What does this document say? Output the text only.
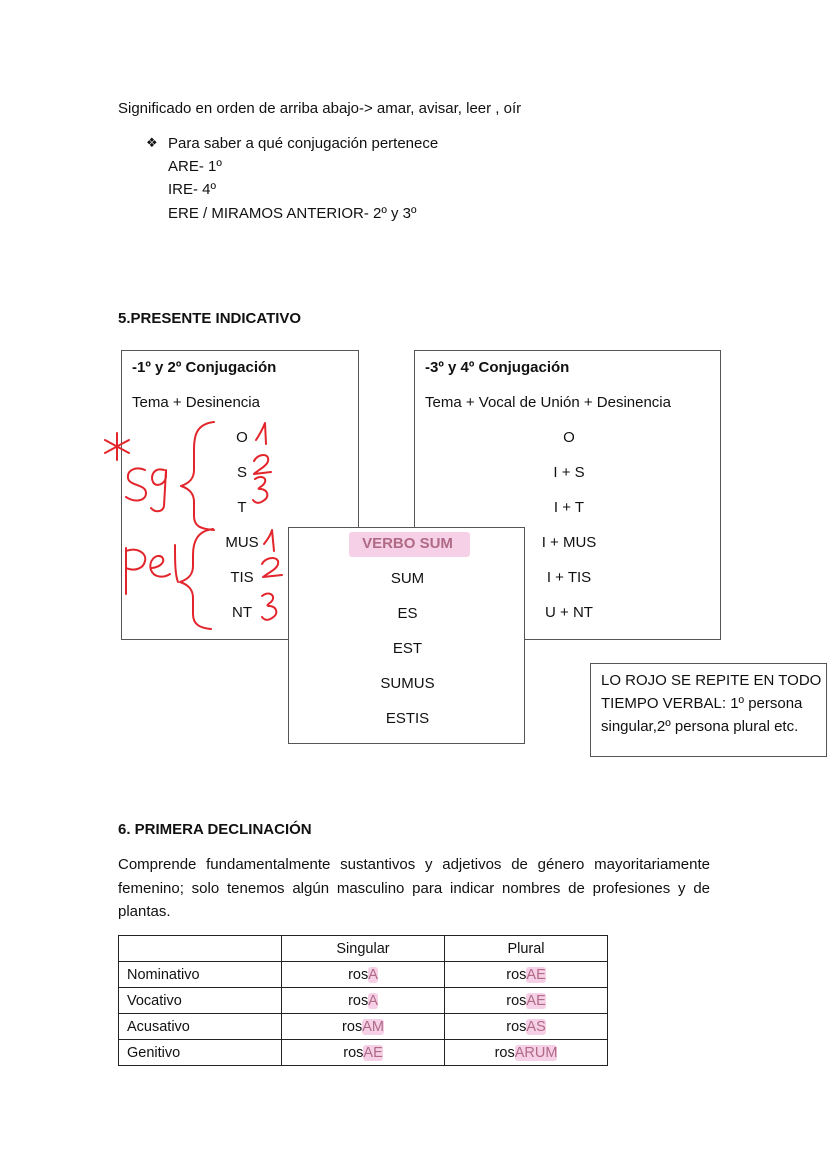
Significado en orden de arriba abajo-> amar, avisar, leer , oír
❖ Para saber a qué conjugación pertenece
ARE- 1º
IRE- 4º
ERE / MIRAMOS ANTERIOR- 2º y 3º
5.PRESENTE INDICATIVO
-1º y 2º Conjugación
Tema + Desinencia
O
S
T
MUS
TIS
NT
-3º y 4º Conjugación
Tema + Vocal de Unión + Desinencia
O
I + S
I + T
I + MUS
I + TIS
U + NT
VERBO SUM
SUM
ES
EST
SUMUS
ESTIS
LO ROJO SE REPITE EN TODO
TIEMPO VERBAL: 1º persona
singular,2º persona plural etc.
6. PRIMERA DECLINACIÓN
Comprende fundamentalmente sustantivos y adjetivos de género mayoritariamente femenino; solo tenemos algún masculino para indicar nombres de profesiones y de plantas.
	Singular	Plural
Nominativo	rosA	rosAE
Vocativo	rosA	rosAE
Acusativo	rosAM	rosAS
Genitivo	rosAE	rosARUM
